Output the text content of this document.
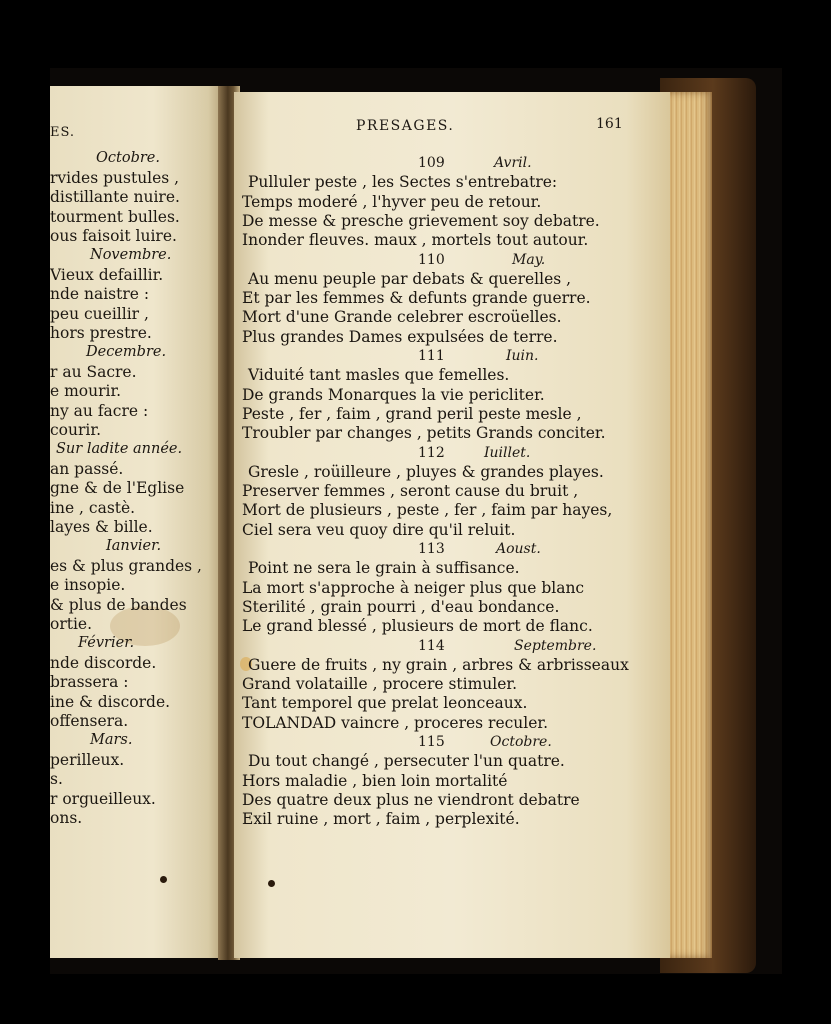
ES.
Octobre.
rvides pustules ,
distillante nuire.
tourment bulles.
ous faisoit luire.
Novembre.
Vieux defaillir.
nde naistre :
peu cueillir ,
hors prestre.
Decembre.
r au Sacre.
e mourir.
ny au facre :
courir.
Sur ladite année.
an passé.
gne & de l'Eglise
ine , castè.
layes & bille.
Ianvier.
es & plus grandes ,
e insopie.
& plus de bandes
ortie.
Février.
nde discorde.
brassera :
ine & discorde.
offensera.
Mars.
perilleux.
s.
r orgueilleux.
ons.
PRESAGES.	161
109	Avril.
Pulluler peste , les Sectes s'entrebatre:
Temps moderé , l'hyver peu de retour.
De messe & presche grievement soy debatre.
Inonder fleuves. maux , mortels tout autour.
110	May.
Au menu peuple par debats & querelles ,
Et par les femmes & defunts grande guerre.
Mort d'une Grande celebrer escroüelles.
Plus grandes Dames expulsées de terre.
111	Iuin.
Viduité tant masles que femelles.
De grands Monarques la vie pericliter.
Peste , fer , faim , grand peril peste mesle ,
Troubler par changes , petits Grands conciter.
112	Iuillet.
Gresle , roüilleure , pluyes & grandes playes.
Preserver femmes , seront cause du bruit ,
Mort de plusieurs , peste , fer , faim par hayes,
Ciel sera veu quoy dire qu'il reluit.
113	Aoust.
Point ne sera le grain à suffisance.
La mort s'approche à neiger plus que blanc
Sterilité , grain pourri , d'eau bondance.
Le grand blessé , plusieurs de mort de flanc.
114	Septembre.
Guere de fruits , ny grain , arbres & arbrisseaux
Grand volataille , procere stimuler.
Tant temporel que prelat leonceaux.
TOLANDAD vaincre , proceres reculer.
115	Octobre.
Du tout changé , persecuter l'un quatre.
Hors maladie , bien loin mortalité
Des quatre deux plus ne viendront debatre
Exil ruine , mort , faim , perplexité.
